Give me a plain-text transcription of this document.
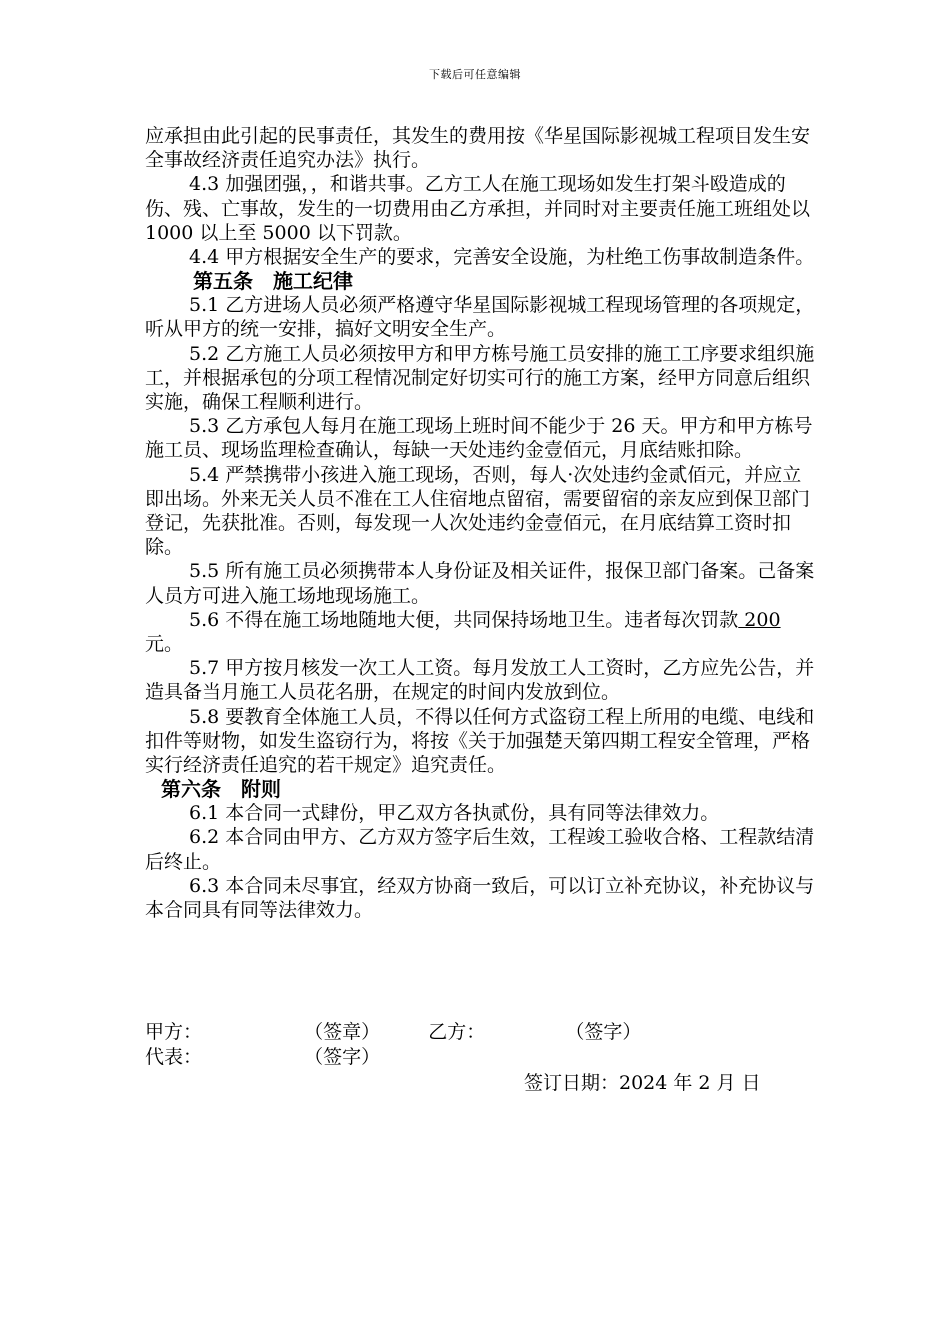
下载后可任意编辑

应承担由此引起的民事责任，其发生的费用按《华星国际影视城工程项目发生安全事故经济责任追究办法》执行。

4.3 加强团强，，和谐共事。乙方工人在施工现场如发生打架斗殴造成的伤、残、亡事故，发生的一切费用由乙方承担，并同时对主要责任施工班组处以 1000 以上至 5000 以下罚款。

4.4 甲方根据安全生产的要求，完善安全设施，为杜绝工伤事故制造条件。

第五条　施工纪律

5.1 乙方进场人员必须严格遵守华星国际影视城工程现场管理的各项规定，听从甲方的统一安排，搞好文明安全生产。

5.2 乙方施工人员必须按甲方和甲方栋号施工员安排的施工工序要求组织施工，并根据承包的分项工程情况制定好切实可行的施工方案，经甲方同意后组织实施，确保工程顺利进行。

5.3 乙方承包人每月在施工现场上班时间不能少于 26 天。甲方和甲方栋号施工员、现场监理检查确认，每缺一天处违约金壹佰元，月底结账扣除。

5.4 严禁携带小孩进入施工现场，否则，每人·次处违约金贰佰元，并应立即出场。外来无关人员不准在工人住宿地点留宿，需要留宿的亲友应到保卫部门登记，先获批准。否则，每发现一人次处违约金壹佰元，在月底结算工资时扣除。

5.5 所有施工员必须携带本人身份证及相关证件，报保卫部门备案。己备案人员方可进入施工场地现场施工。

5.6 不得在施工场地随地大便，共同保持场地卫生。违者每次罚款 200 元。

5.7 甲方按月核发一次工人工资。每月发放工人工资时，乙方应先公告，并造具备当月施工人员花名册，在规定的时间内发放到位。

5.8 要教育全体施工人员，不得以任何方式盗窃工程上所用的电缆、电线和扣件等财物，如发生盗窃行为，将按《关于加强楚天第四期工程安全管理，严格实行经济责任追究的若干规定》追究责任。

第六条　附则

6.1 本合同一式肆份，甲乙双方各执贰份，具有同等法律效力。

6.2 本合同由甲方、乙方双方签字后生效，工程竣工验收合格、工程款结清后终止。

6.3 本合同未尽事宜，经双方协商一致后，可以订立补充协议，补充协议与本合同具有同等法律效力。

甲方：	（签章）	乙方：	（签字）
代表：	（签字）
签订日期：2024 年 2 月 日
